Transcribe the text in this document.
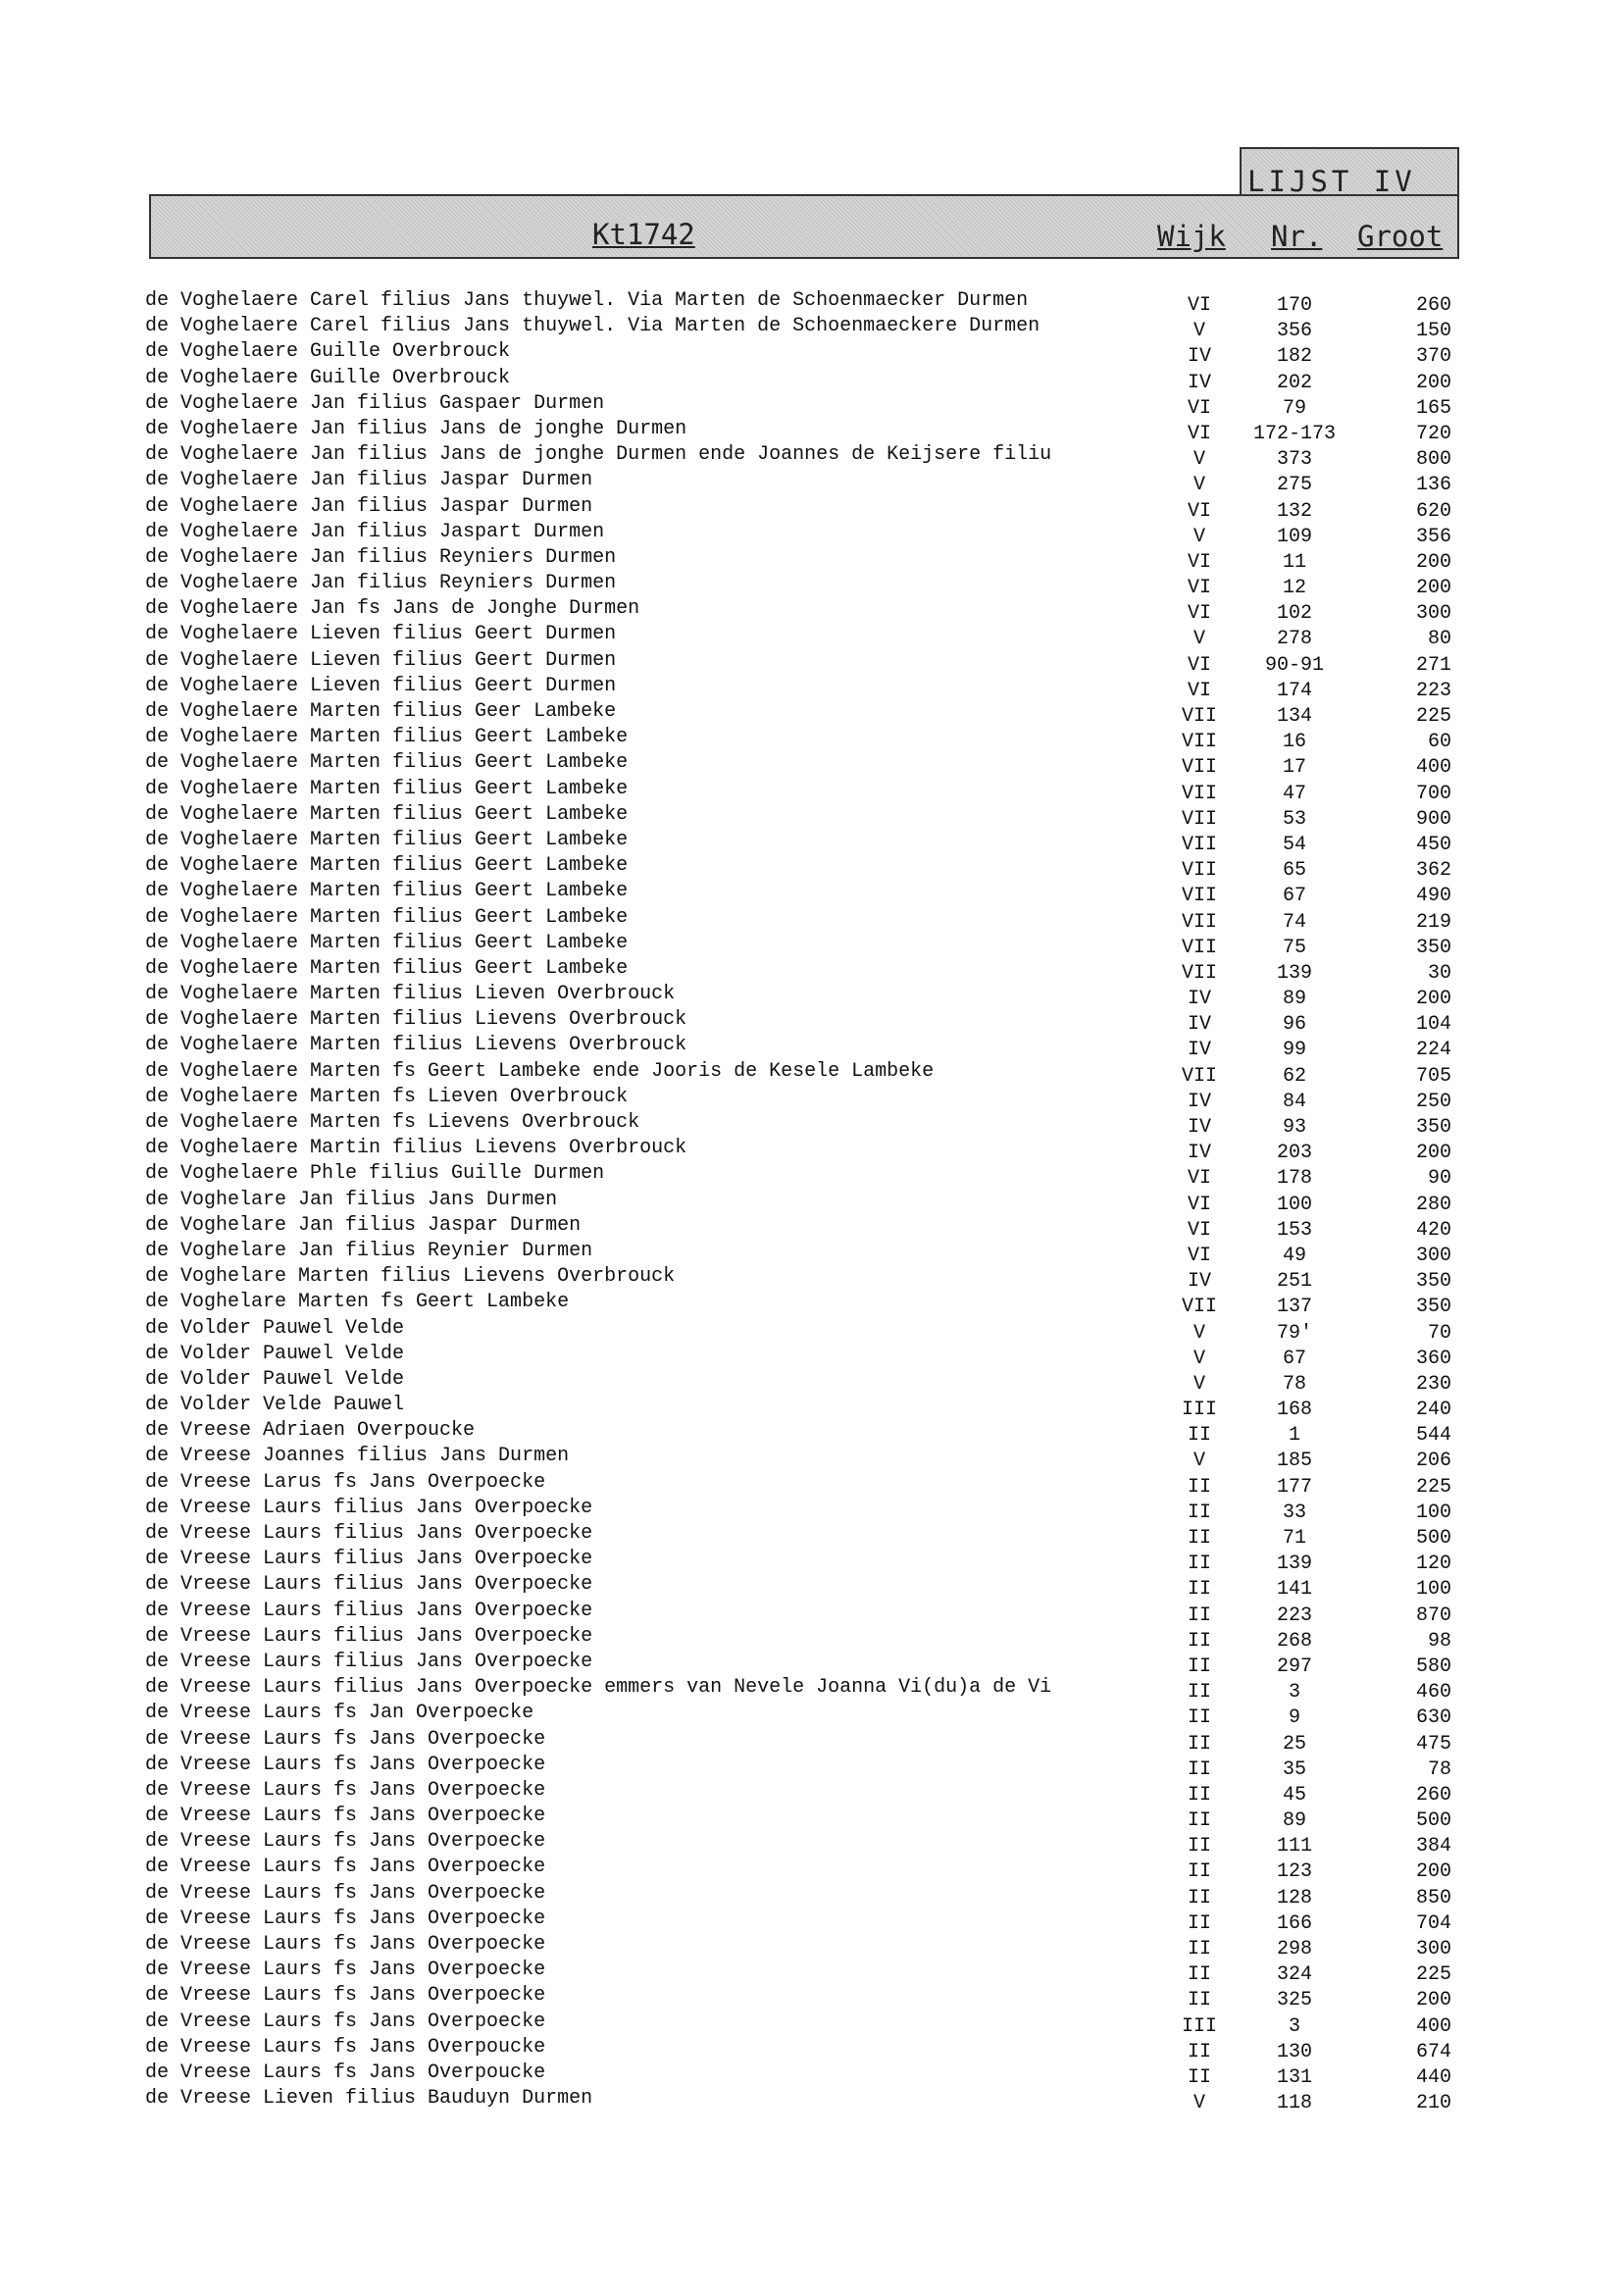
LIJST IV
Kt1742	Wijk Nr. Groot
de Voghelaere Carel filius Jans thuywel. Via Marten de Schoenmaecker Durmen	VI	170	260
de Voghelaere Carel filius Jans thuywel. Via Marten de Schoenmaeckere Durmen	V	356	150
de Voghelaere Guille Overbrouck	IV	182	370
de Voghelaere Guille Overbrouck	IV	202	200
de Voghelaere Jan filius Gaspaer Durmen	VI	79	165
de Voghelaere Jan filius Jans de jonghe Durmen	VI	172-173	720
de Voghelaere Jan filius Jans de jonghe Durmen ende Joannes de Keijsere filiu	V	373	800
de Voghelaere Jan filius Jaspar Durmen	V	275	136
de Voghelaere Jan filius Jaspar Durmen	VI	132	620
de Voghelaere Jan filius Jaspart Durmen	V	109	356
de Voghelaere Jan filius Reyniers Durmen	VI	11	200
de Voghelaere Jan filius Reyniers Durmen	VI	12	200
de Voghelaere Jan fs Jans de Jonghe Durmen	VI	102	300
de Voghelaere Lieven filius Geert Durmen	V	278	80
de Voghelaere Lieven filius Geert Durmen	VI	90-91	271
de Voghelaere Lieven filius Geert Durmen	VI	174	223
de Voghelaere Marten filius Geer Lambeke	VII	134	225
de Voghelaere Marten filius Geert Lambeke	VII	16	60
de Voghelaere Marten filius Geert Lambeke	VII	17	400
de Voghelaere Marten filius Geert Lambeke	VII	47	700
de Voghelaere Marten filius Geert Lambeke	VII	53	900
de Voghelaere Marten filius Geert Lambeke	VII	54	450
de Voghelaere Marten filius Geert Lambeke	VII	65	362
de Voghelaere Marten filius Geert Lambeke	VII	67	490
de Voghelaere Marten filius Geert Lambeke	VII	74	219
de Voghelaere Marten filius Geert Lambeke	VII	75	350
de Voghelaere Marten filius Geert Lambeke	VII	139	30
de Voghelaere Marten filius Lieven Overbrouck	IV	89	200
de Voghelaere Marten filius Lievens Overbrouck	IV	96	104
de Voghelaere Marten filius Lievens Overbrouck	IV	99	224
de Voghelaere Marten fs Geert Lambeke ende Jooris de Kesele Lambeke	VII	62	705
de Voghelaere Marten fs Lieven Overbrouck	IV	84	250
de Voghelaere Marten fs Lievens Overbrouck	IV	93	350
de Voghelaere Martin filius Lievens Overbrouck	IV	203	200
de Voghelaere Phle filius Guille Durmen	VI	178	90
de Voghelare Jan filius Jans Durmen	VI	100	280
de Voghelare Jan filius Jaspar Durmen	VI	153	420
de Voghelare Jan filius Reynier Durmen	VI	49	300
de Voghelare Marten filius Lievens Overbrouck	IV	251	350
de Voghelare Marten fs Geert Lambeke	VII	137	350
de Volder Pauwel Velde	V	79'	70
de Volder Pauwel Velde	V	67	360
de Volder Pauwel Velde	V	78	230
de Volder Velde Pauwel	III	168	240
de Vreese Adriaen Overpoucke	II	1	544
de Vreese Joannes filius Jans Durmen	V	185	206
de Vreese Larus fs Jans Overpoecke	II	177	225
de Vreese Laurs filius Jans Overpoecke	II	33	100
de Vreese Laurs filius Jans Overpoecke	II	71	500
de Vreese Laurs filius Jans Overpoecke	II	139	120
de Vreese Laurs filius Jans Overpoecke	II	141	100
de Vreese Laurs filius Jans Overpoecke	II	223	870
de Vreese Laurs filius Jans Overpoecke	II	268	98
de Vreese Laurs filius Jans Overpoecke	II	297	580
de Vreese Laurs filius Jans Overpoecke emmers van Nevele Joanna Vi(du)a de Vi	II	3	460
de Vreese Laurs fs Jan Overpoecke	II	9	630
de Vreese Laurs fs Jans Overpoecke	II	25	475
de Vreese Laurs fs Jans Overpoecke	II	35	78
de Vreese Laurs fs Jans Overpoecke	II	45	260
de Vreese Laurs fs Jans Overpoecke	II	89	500
de Vreese Laurs fs Jans Overpoecke	II	111	384
de Vreese Laurs fs Jans Overpoecke	II	123	200
de Vreese Laurs fs Jans Overpoecke	II	128	850
de Vreese Laurs fs Jans Overpoecke	II	166	704
de Vreese Laurs fs Jans Overpoecke	II	298	300
de Vreese Laurs fs Jans Overpoecke	II	324	225
de Vreese Laurs fs Jans Overpoecke	II	325	200
de Vreese Laurs fs Jans Overpoecke	III	3	400
de Vreese Laurs fs Jans Overpoucke	II	130	674
de Vreese Laurs fs Jans Overpoucke	II	131	440
de Vreese Lieven filius Bauduyn Durmen	V	118	210
